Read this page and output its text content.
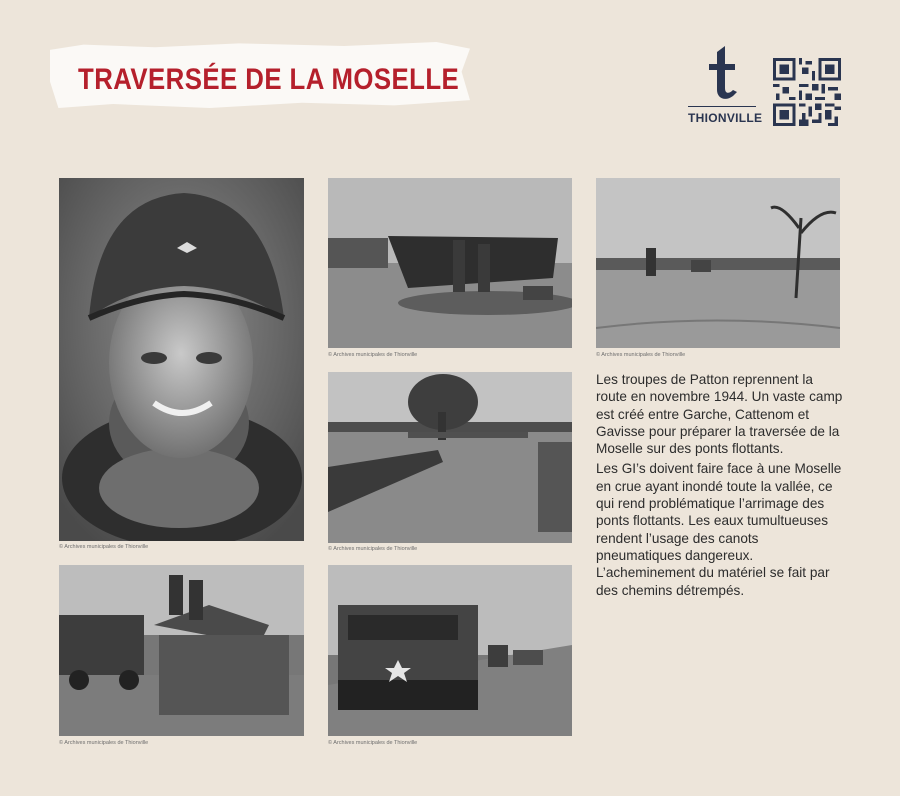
TRAVERSÉE DE LA MOSELLE
THIONVILLE
© Archives municipales de Thionville
© Archives municipales de Thionville	© Archives municipales de Thionville
© Archives municipales de Thionville
© Archives municipales de Thionville	© Archives municipales de Thionville

Les troupes de Patton reprennent la route en novembre 1944. Un vaste camp est créé entre Garche, Cattenom et Gavisse pour préparer la traversée de la Moselle sur des ponts flottants.

Les GI’s doivent faire face à une Moselle en crue ayant inondé toute la vallée, ce qui rend problématique l’arrimage des ponts flottants. Les eaux tumultueuses rendent l’usage des canots pneumatiques dangereux. L’acheminement du matériel se fait par des chemins détrempés.
